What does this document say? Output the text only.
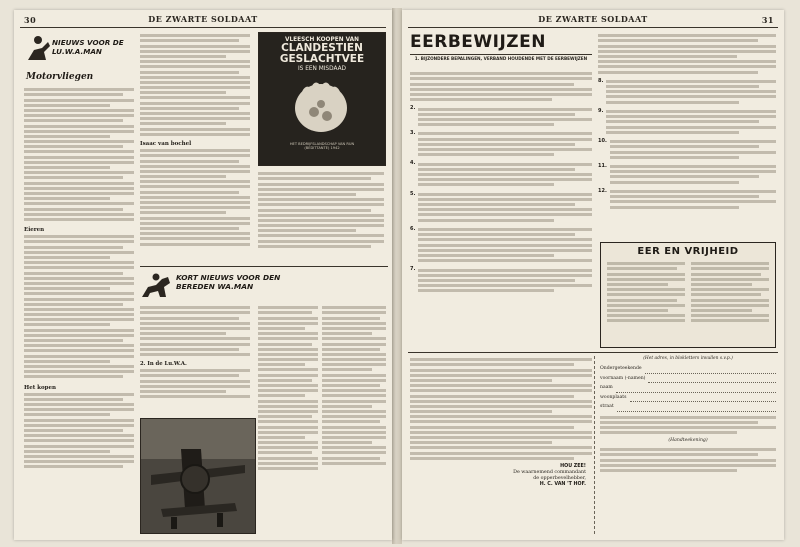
30	DE ZWARTE SOLDAAT
NIEUWS VOOR DE LU.W.A.MAN
Motorvliegen
Eieren
Het kopen
Isaac van bochel
VLEESCH KOOPEN VAN
CLANDESTIEN
GESLACHTVEE
IS EEN MISDAAD
HET BEDRIJFSLANDSCHAP VAN RUN
(BEDITTANTE) 1942
KORT NIEUWS VOOR DEN BEREDEN WA.MAN
2. In de Lu.W.A.
DE ZWARTE SOLDAAT	31
EERBEWIJZEN
1. BIJZONDERE BEPALINGEN, VERBAND HOUDENDE MET DE EERBEWIJZEN
2.
3.
4.
5.
6.
7.
8.
9.
10.
11.
12.
EER EN VRIJHEID
HOU ZEE!
De waarnemend commandant
de opperbevelhebber,
H. C. VAN 'T HOF.
(Het adres, in blokletters invullen s.v.p.)
Ondergeteekende
voornaam (-namen)
naam
woonplaats
straat
(Handteekening)
